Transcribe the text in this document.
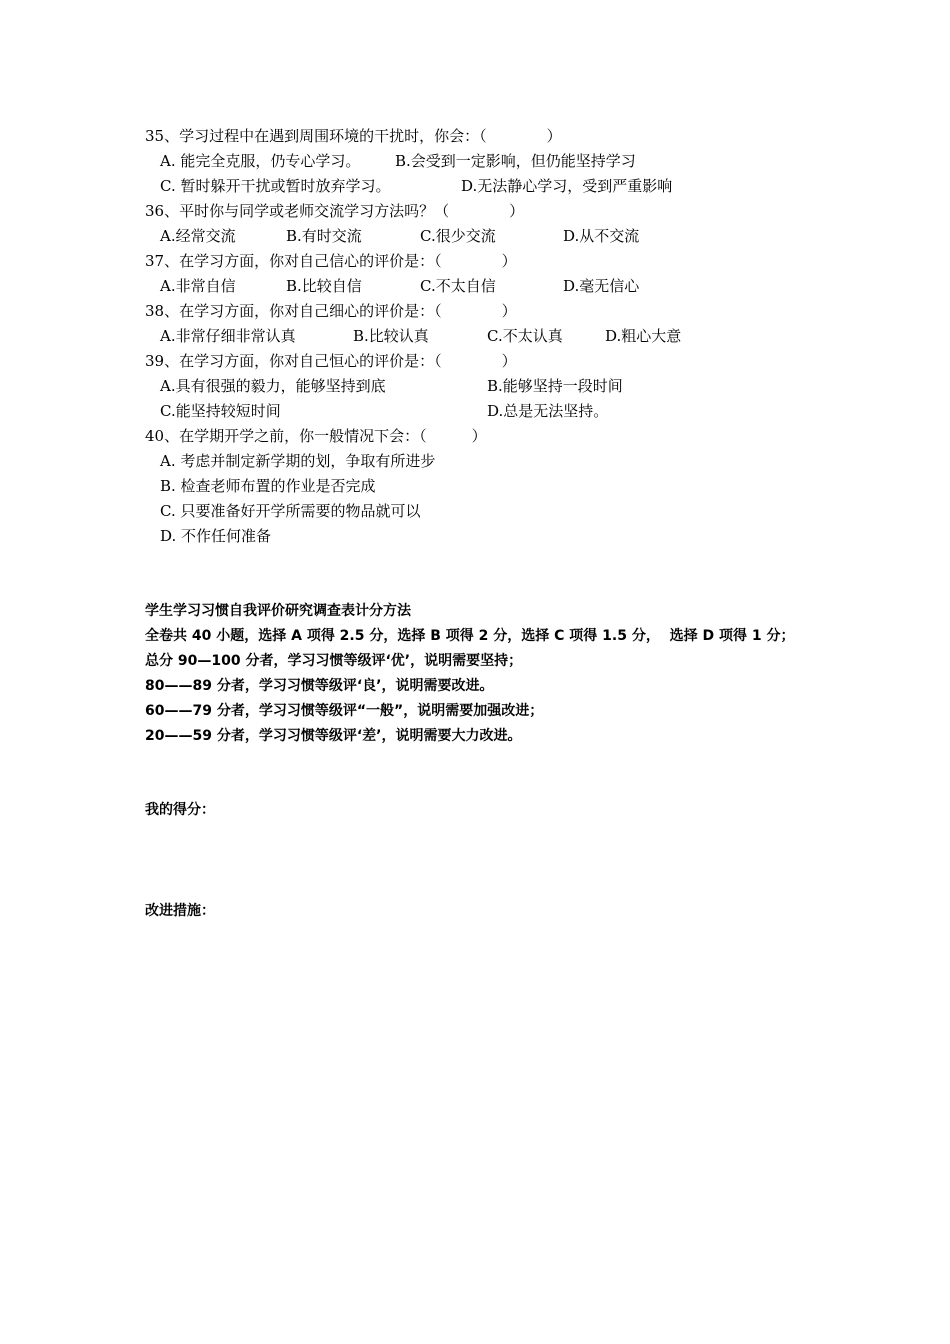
35、学习过程中在遇到周围环境的干扰时，你会：（　　　　）
A. 能完全克服，仍专心学习。 B.会受到一定影响，但仍能坚持学习
C. 暂时躲开干扰或暂时放弃学习。	D.无法静心学习，受到严重影响
36、平时你与同学或老师交流学习方法吗？（　　　　）
A.经常交流	B.有时交流	C.很少交流	D.从不交流
37、在学习方面，你对自己信心的评价是：（　　　　）
A.非常自信	B.比较自信	C.不太自信	D.毫无信心
38、在学习方面，你对自己细心的评价是：（　　　　）
A.非常仔细非常认真	B.比较认真	C.不太认真	D.粗心大意
39、在学习方面，你对自己恒心的评价是：（　　　　）
A.具有很强的毅力，能够坚持到底	B.能够坚持一段时间
C.能坚持较短时间	D.总是无法坚持。
40、在学期开学之前，你一般情况下会：（　　　）
A. 考虑并制定新学期的划，争取有所进步
B. 检查老师布置的作业是否完成
C. 只要准备好开学所需要的物品就可以
D. 不作任何准备
学生学习习惯自我评价研究调查表计分方法
全卷共 40 小题，选择 A 项得 2.5 分，选择 B 项得 2 分，选择 C 项得 1.5 分，  选择 D 项得 1 分；
总分 90—100 分者，学习习惯等级评‘优’，说明需要坚持；
80——89 分者，学习习惯等级评‘良’，说明需要改进。
60——79 分者，学习习惯等级评“一般”，说明需要加强改进；
20——59 分者，学习习惯等级评‘差’，说明需要大力改进。
我的得分：
改进措施：
